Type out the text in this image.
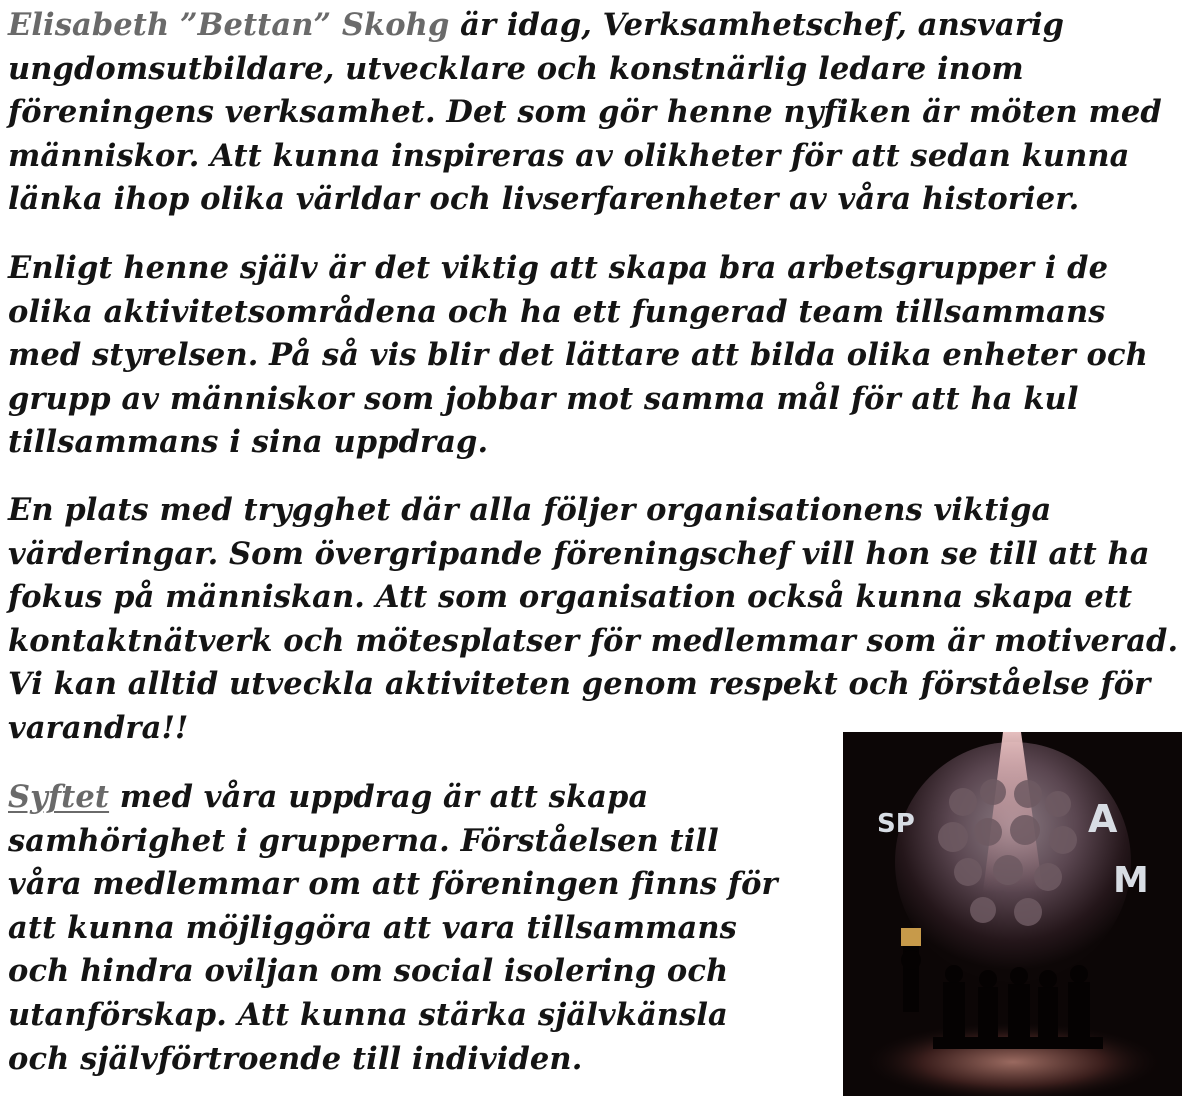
Elisabeth ”Bettan” Skohg är idag, Verksamhetschef, ansvarig ungdomsutbildare, utvecklare och konstnärlig ledare inom föreningens verksamhet. Det som gör henne nyfiken är möten med människor. Att kunna inspireras av olikheter för att sedan kunna länka ihop olika världar och livserfarenheter av våra historier.

Enligt henne själv är det viktig att skapa bra arbetsgrupper i de olika aktivitetsområdena och ha ett fungerad team tillsammans med styrelsen. På så vis blir det lättare att bilda olika enheter och grupp av människor som jobbar mot samma mål för att ha kul tillsammans i sina uppdrag.

En plats med trygghet där alla följer organisationens viktiga värderingar. Som övergripande föreningschef vill hon se till att ha fokus på människan. Att som organisation också kunna skapa ett kontaktnätverk och mötesplatser för medlemmar som är motiverad. Vi kan alltid utveckla aktiviteten genom respekt och förståelse för varandra!!

Syftet med våra uppdrag är att skapa samhörighet i grupperna. Förståelsen till våra medlemmar om att föreningen finns för att kunna möjliggöra att vara tillsammans och hindra oviljan om social isolering och utanförskap. Att kunna stärka självkänsla och självförtroende till individen.

SP	A
M
